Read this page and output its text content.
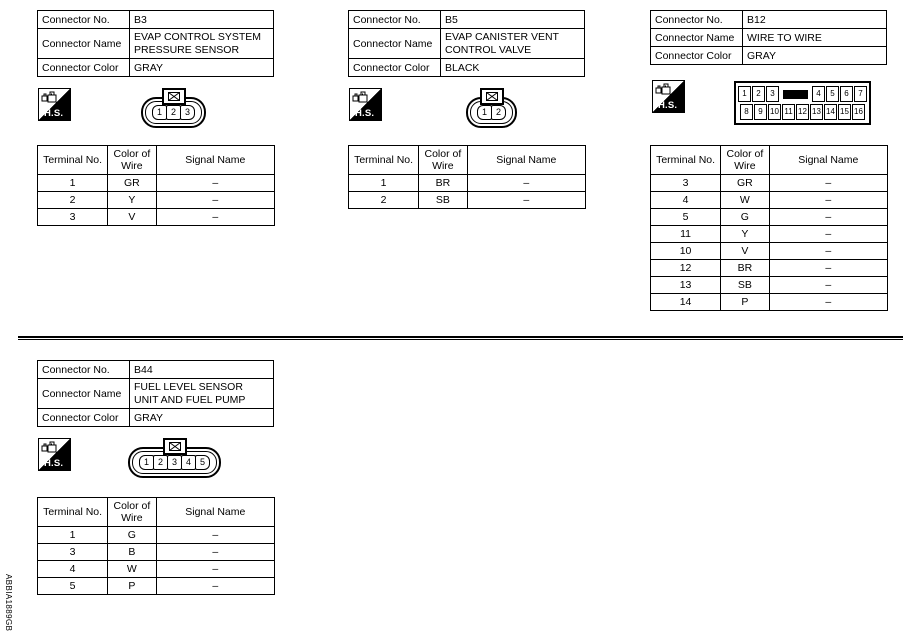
Connector No.	B3
Connector Name	EVAP CONTROL SYSTEM
PRESSURE SENSOR

Connector Color	GRAY
H.S.	1 2 3
Terminal No.	Color of Wire	Signal Name
1	GR	–
2	Y	–
3	V	–
Connector No.	B5
Connector Name	EVAP CANISTER VENT
CONTROL VALVE

Connector Color	BLACK
H.S.	1 2
Terminal No.	Color of Wire	Signal Name
1	BR	–
2	SB	–
Connector No.	B12
Connector Name	WIRE TO WIRE
Connector Color	GRAY
H.S.
1	2	3	4	5	6	7
8	9 10 11 12 13 14 15 16
Terminal No.	Color of Wire	Signal Name
3	GR	–
4	W	–
5	G	–
11	Y	–
10	V	–
12	BR	–
13	SB	–
14	P	–
Connector No.	B44
Connector Name	FUEL LEVEL SENSOR
UNIT AND FUEL PUMP

Connector Color	GRAY
H.S.	1 2 3 4 5
Terminal No.	Color of Wire	Signal Name
1	G	–
3	B	–
4	W	–
5	P	–
ABBIA1889GB
